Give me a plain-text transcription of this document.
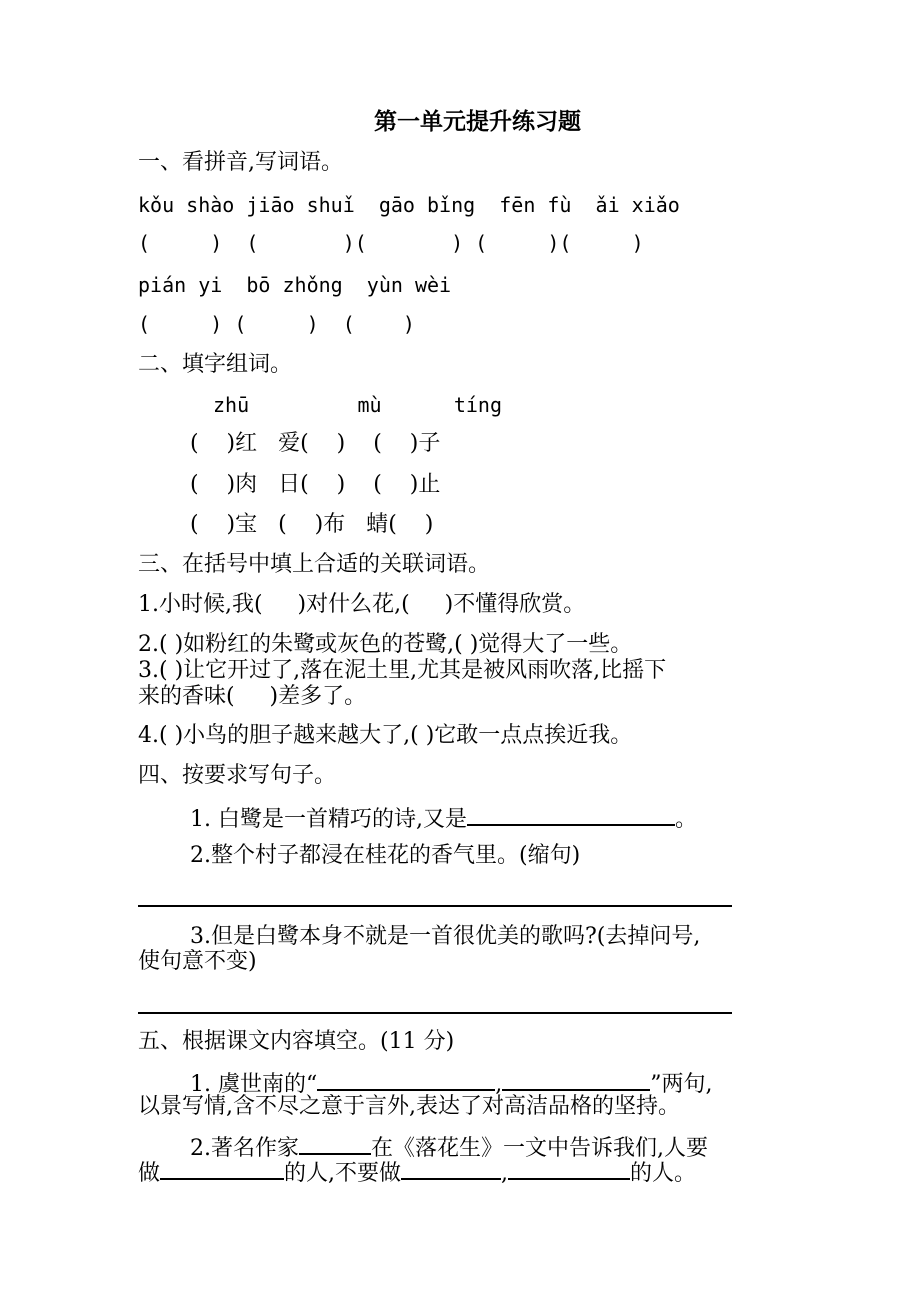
第一单元提升练习题
一、看拼音,写词语。
kǒu shào jiāo shuǐ  gāo bǐng  fēn fù  ǎi xiǎo
(     )  (       )(       ) (     )(     )
pián yi  bō zhǒng  yùn wèi
(     ) (     )  (    )
二、填字组词。
zhū         mù      tíng
(    )红   爱(    )    (    )子
(    )肉   日(    )    (    )止
(    )宝   (    )布   蜻(    )
三、在括号中填上合适的关联词语。
1.小时候,我(     )对什么花,(     )不懂得欣赏。
2.( )如粉红的朱鹭或灰色的苍鹭,( )觉得大了一些。
3.( )让它开过了,落在泥土里,尤其是被风雨吹落,比摇下
来的香味(     )差多了。
4.( )小鸟的胆子越来越大了,( )它敢一点点挨近我。
四、按要求写句子。
1. 白鹭是一首精巧的诗,又是	。
2.整个村子都浸在桂花的香气里。(缩句)
3.但是白鹭本身不就是一首很优美的歌吗?(去掉问号,
使句意不变)
五、根据课文内容填空。(11 分)
1. 虞世南的“	,	”两句,
以景写情,含不尽之意于言外,表达了对高洁品格的坚持。
2.著名作家	在《落花生》一文中告诉我们,人要
做	的人,不要做	,	的人。
